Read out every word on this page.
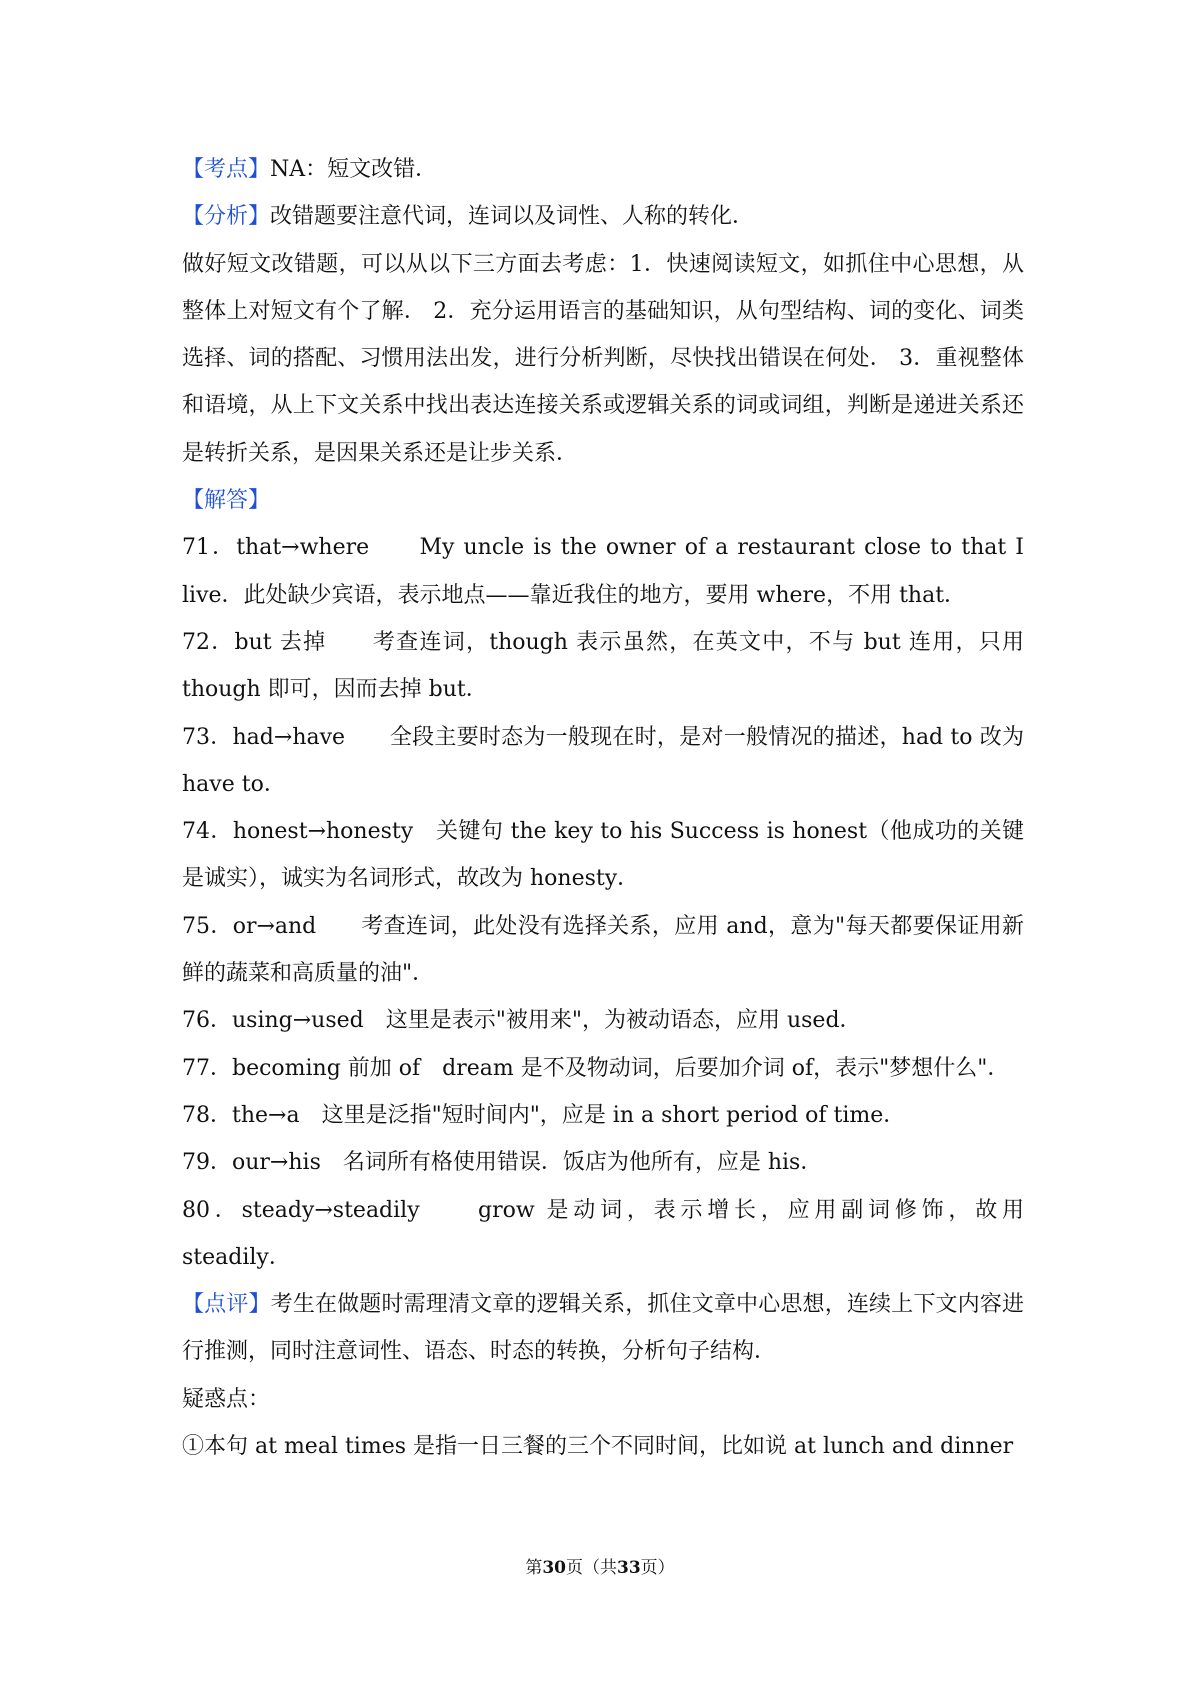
【考点】NA：短文改错．

【分析】改错题要注意代词，连词以及词性、人称的转化．

做好短文改错题，可以从以下三方面去考虑：1．快速阅读短文，如抓住中心思想，从整体上对短文有个了解． 2．充分运用语言的基础知识，从句型结构、词的变化、词类选择、词的搭配、习惯用法出发，进行分析判断，尽快找出错误在何处． 3．重视整体和语境，从上下文关系中找出表达连接关系或逻辑关系的词或词组，判断是递进关系还是转折关系，是因果关系还是让步关系．

【解答】

71．that→where　　My uncle is the owner of a restaurant close to that I live．此处缺少宾语，表示地点——靠近我住的地方，要用 where，不用 that．

72．but 去掉　　考查连词，though 表示虽然，在英文中，不与 but 连用，只用 though 即可，因而去掉 but．

73．had→have　　全段主要时态为一般现在时，是对一般情况的描述，had to 改为 have to．

74．honest→honesty　关键句 the key to his Success is honest（他成功的关键是诚实），诚实为名词形式，故改为 honesty．

75．or→and　　考查连词，此处没有选择关系，应用 and，意为"每天都要保证用新鲜的蔬菜和高质量的油"．

76．using→used　这里是表示"被用来"，为被动语态，应用 used．

77．becoming 前加 of　dream 是不及物动词，后要加介词 of，表示"梦想什么"．

78．the→a　这里是泛指"短时间内"，应是 in a short period of time．

79．our→his　名词所有格使用错误．饭店为他所有，应是 his．

80．steady→steadily　　grow 是动词，表示增长，应用副词修饰，故用 steadily．

【点评】考生在做题时需理清文章的逻辑关系，抓住文章中心思想，连续上下文内容进行推测，同时注意词性、语态、时态的转换，分析句子结构．

疑惑点：

①本句 at meal times 是指一日三餐的三个不同时间，比如说 at lunch and dinner

第30页（共33页）
